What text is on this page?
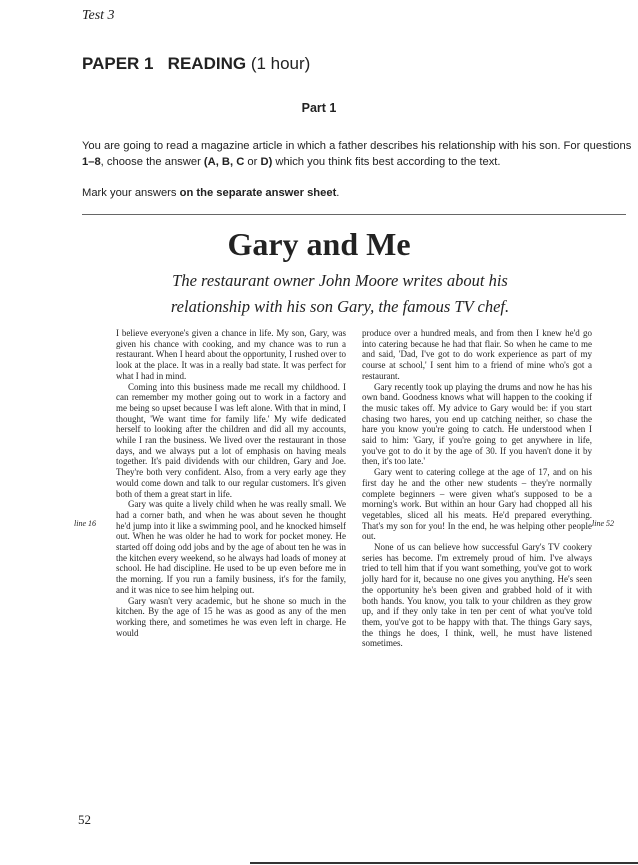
Test 3
PAPER 1 READING (1 hour)
Part 1
You are going to read a magazine article in which a father describes his relationship with his son. For questions 1–8, choose the answer (A, B, C or D) which you think fits best according to the text.
Mark your answers on the separate answer sheet.
Gary and Me
The restaurant owner John Moore writes about his relationship with his son Gary, the famous TV chef.

I believe everyone's given a chance in life. My son, Gary, was given his chance with cooking, and my chance was to run a restaurant. When I heard about the opportunity, I rushed over to look at the place. It was in a really bad state. It was perfect for what I had in mind.

Coming into this business made me recall my childhood. I can remember my mother going out to work in a factory and me being so upset because I was left alone. With that in mind, I thought, 'We want time for family life.' My wife dedicated herself to looking after the children and did all my accounts, while I ran the business. We lived over the restaurant in those days, and we always put a lot of emphasis on having meals together. It's paid dividends with our children, Gary and Joe. They're both very confident. Also, from a very early age they would come down and talk to our regular customers. It's given both of them a great start in life.

Gary was quite a lively child when he was really small. We had a corner bath, and when he was about seven he thought he'd jump into it like a swimming pool, and he knocked himself out. When he was older he had to work for pocket money. He started off doing odd jobs and by the age of about ten he was in the kitchen every weekend, so he always had loads of money at school. He had discipline. He used to be up even before me in the morning. If you run a family business, it's for the family, and it was nice to see him helping out.

Gary wasn't very academic, but he shone so much in the kitchen. By the age of 15 he was as good as any of the men working there, and sometimes he was even left in charge. He would

produce over a hundred meals, and from then I knew he'd go into catering because he had that flair. So when he came to me and said, 'Dad, I've got to do work experience as part of my course at school,' I sent him to a friend of mine who's got a restaurant.

Gary recently took up playing the drums and now he has his own band. Goodness knows what will happen to the cooking if the music takes off. My advice to Gary would be: if you start chasing two hares, you end up catching neither, so chase the hare you know you're going to catch. He understood when I said to him: 'Gary, if you're going to get anywhere in life, you've got to do it by the age of 30. If you haven't done it by then, it's too late.'

Gary went to catering college at the age of 17, and on his first day he and the other new students – they're normally complete beginners – were given what's supposed to be a morning's work. But within an hour Gary had chopped all his vegetables, sliced all his meats. He'd prepared everything. That's my son for you! In the end, he was helping other people out.

None of us can believe how successful Gary's TV cookery series has become. I'm extremely proud of him. I've always tried to tell him that if you want something, you've got to work jolly hard for it, because no one gives you anything. He's seen the opportunity he's been given and grabbed hold of it with both hands. You know, you talk to your children as they grow up, and if they only take in ten per cent of what you've told them, you've got to be happy with that. The things Gary says, the things he does, I think, well, he must have listened sometimes.

line 16	line 52
52
